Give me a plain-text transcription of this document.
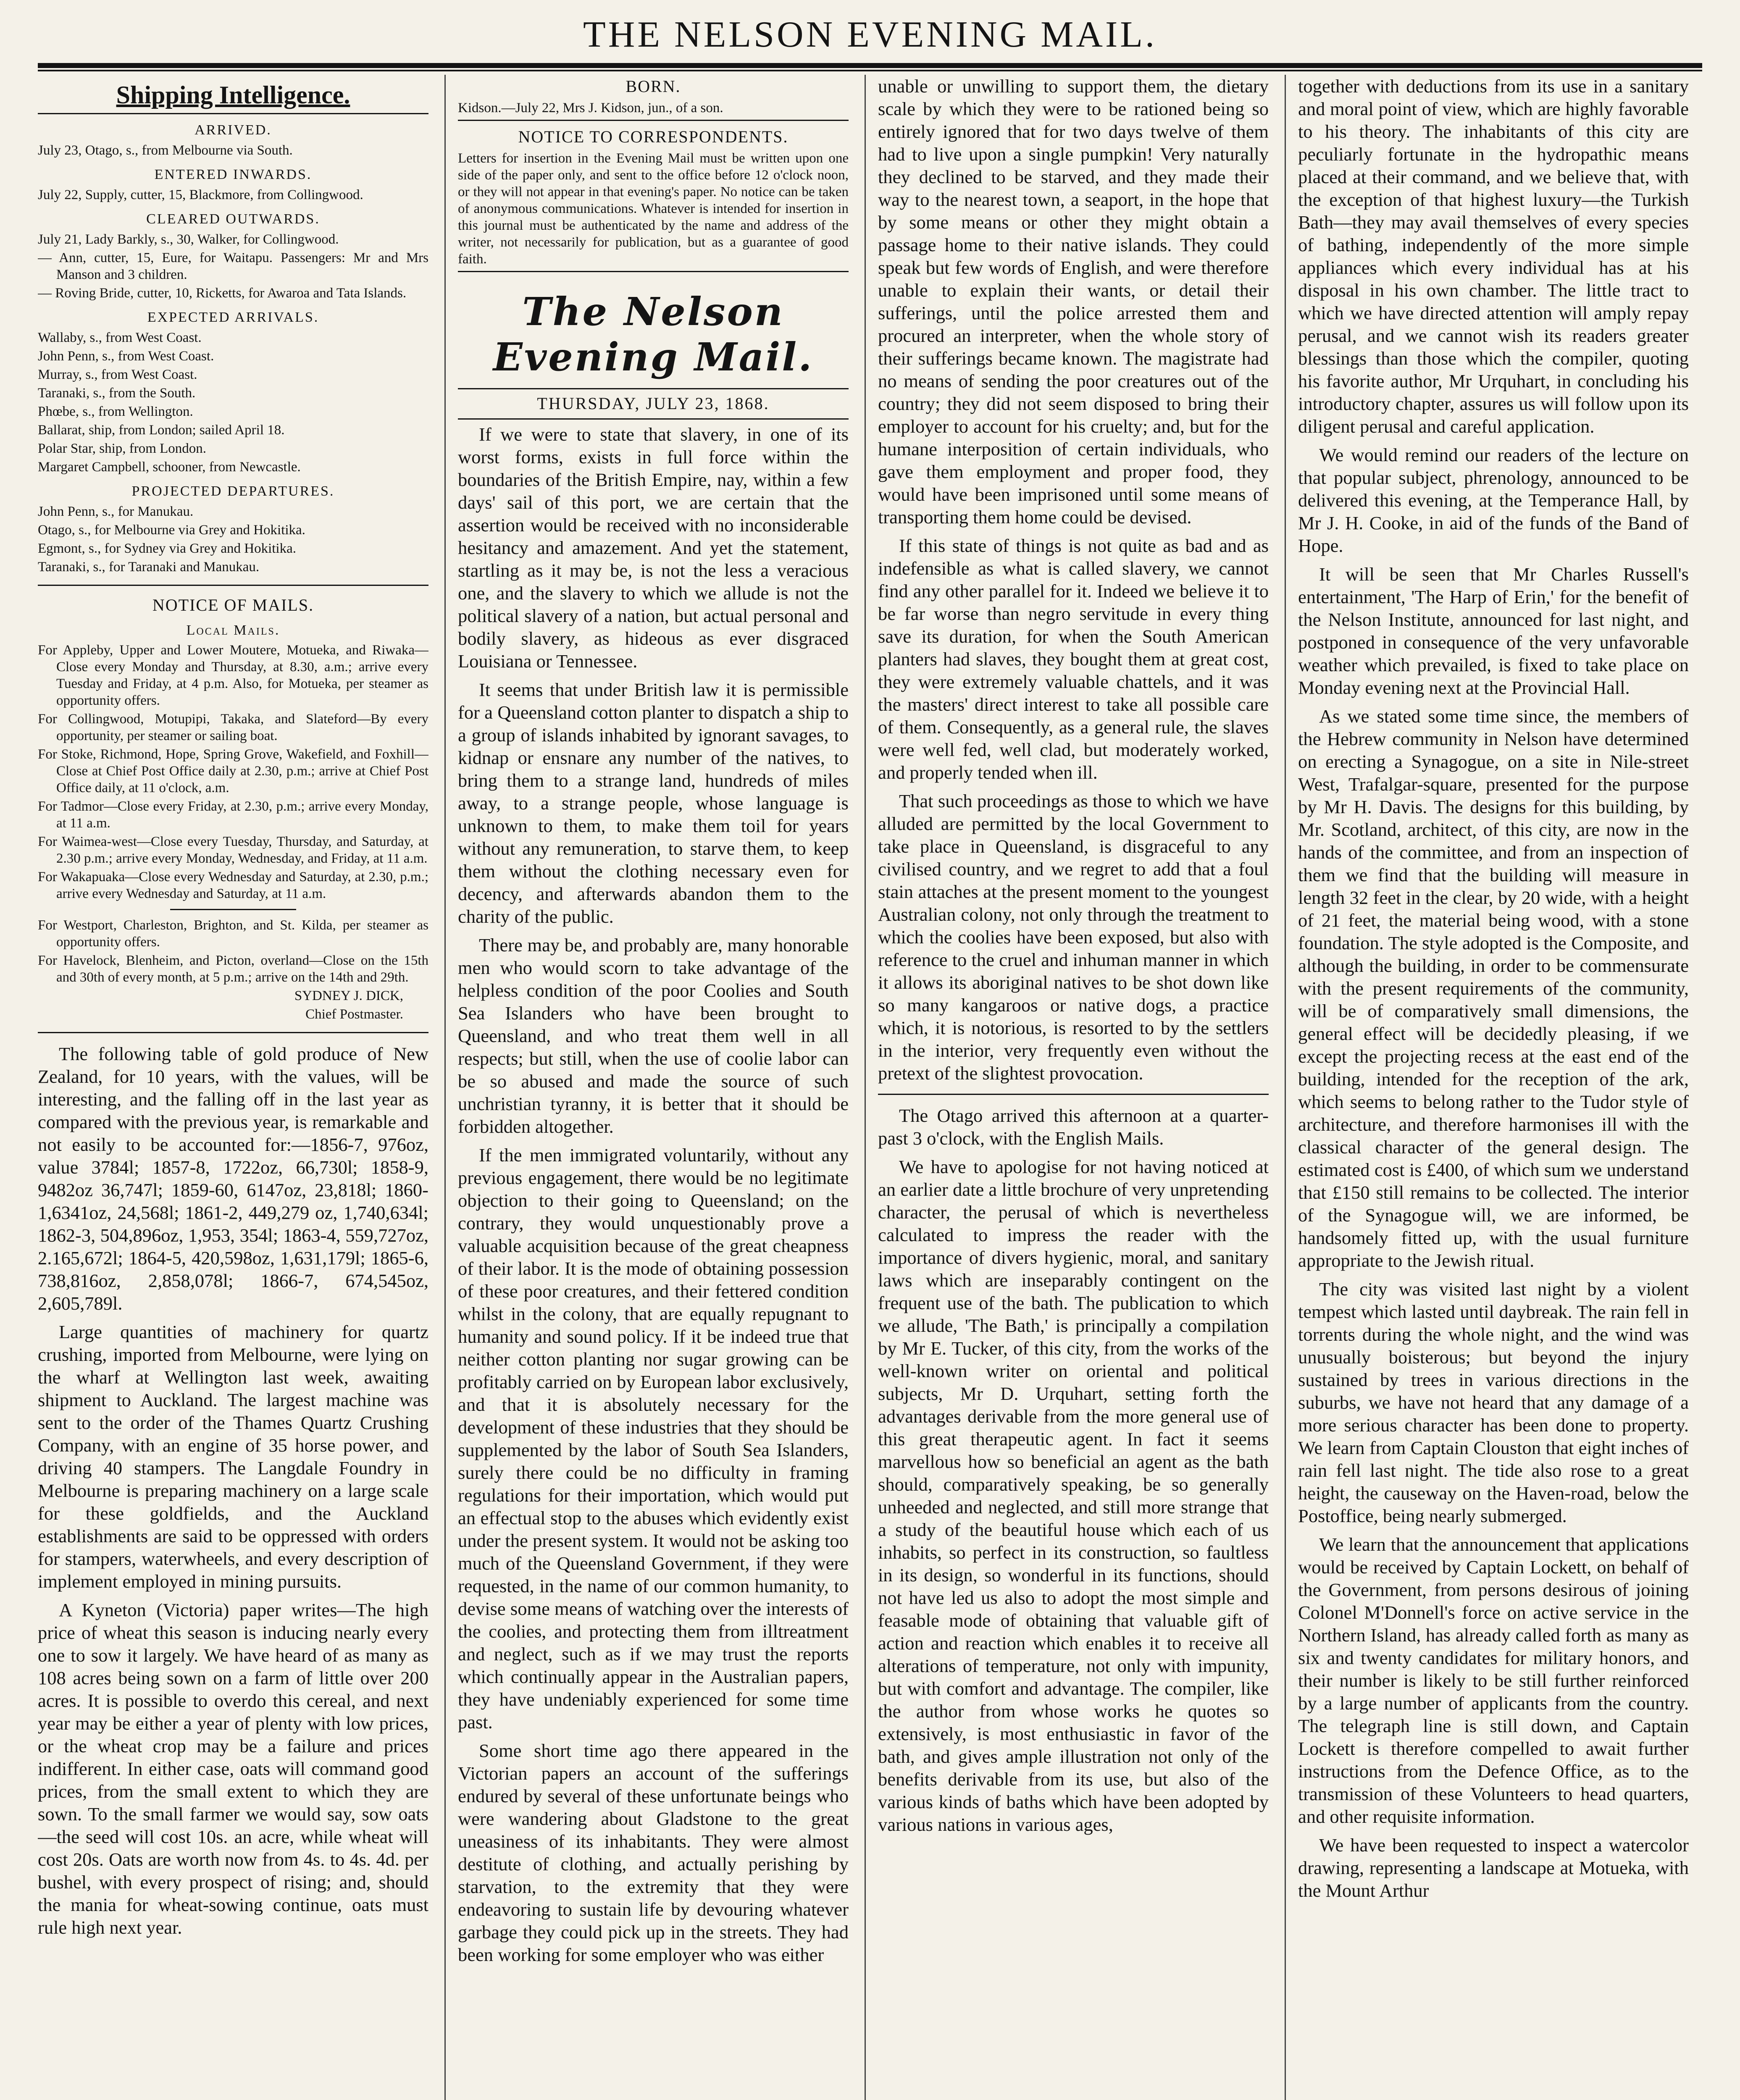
THE NELSON EVENING MAIL.
Shipping Intelligence.
ARRIVED.

July 23, Otago, s., from Melbourne via South.

ENTERED INWARDS.

July 22, Supply, cutter, 15, Blackmore, from Collingwood.

CLEARED OUTWARDS.

July 21, Lady Barkly, s., 30, Walker, for Collingwood.

— Ann, cutter, 15, Eure, for Waitapu. Passengers: Mr and Mrs Manson and 3 children.

— Roving Bride, cutter, 10, Ricketts, for Awaroa and Tata Islands.

EXPECTED ARRIVALS.

Wallaby, s., from West Coast.

John Penn, s., from West Coast.

Murray, s., from West Coast.

Taranaki, s., from the South.

Phœbe, s., from Wellington.

Ballarat, ship, from London; sailed April 18.

Polar Star, ship, from London.

Margaret Campbell, schooner, from Newcastle.

PROJECTED DEPARTURES.

John Penn, s., for Manukau.

Otago, s., for Melbourne via Grey and Hokitika.

Egmont, s., for Sydney via Grey and Hokitika.

Taranaki, s., for Taranaki and Manukau.

NOTICE OF MAILS.
Local Mails.

For Appleby, Upper and Lower Moutere, Motueka, and Riwaka—Close every Monday and Thursday, at 8.30, a.m.; arrive every Tuesday and Friday, at 4 p.m. Also, for Motueka, per steamer as opportunity offers.

For Collingwood, Motupipi, Takaka, and Slateford—By every opportunity, per steamer or sailing boat.

For Stoke, Richmond, Hope, Spring Grove, Wakefield, and Foxhill—Close at Chief Post Office daily at 2.30, p.m.; arrive at Chief Post Office daily, at 11 o'clock, a.m.

For Tadmor—Close every Friday, at 2.30, p.m.; arrive every Monday, at 11 a.m.

For Waimea-west—Close every Tuesday, Thursday, and Saturday, at 2.30 p.m.; arrive every Monday, Wednesday, and Friday, at 11 a.m.

For Wakapuaka—Close every Wednesday and Saturday, at 2.30, p.m.; arrive every Wednesday and Saturday, at 11 a.m.

For Westport, Charleston, Brighton, and St. Kilda, per steamer as opportunity offers.

For Havelock, Blenheim, and Picton, overland—Close on the 15th and 30th of every month, at 5 p.m.; arrive on the 14th and 29th.

SYDNEY J. DICK,

Chief Postmaster.

The following table of gold produce of New Zealand, for 10 years, with the values, will be interesting, and the falling off in the last year as compared with the previous year, is remarkable and not easily to be accounted for:—1856-7, 976oz, value 3784l; 1857-8, 1722oz, 66,730l; 1858-9, 9482oz 36,747l; 1859-60, 6147oz, 23,818l; 1860-1,6341oz, 24,568l; 1861-2, 449,279 oz, 1,740,634l; 1862-3, 504,896oz, 1,953, 354l; 1863-4, 559,727oz, 2.165,672l; 1864-5, 420,598oz, 1,631,179l; 1865-6, 738,816oz, 2,858,078l; 1866-7, 674,545oz, 2,605,789l.

Large quantities of machinery for quartz crushing, imported from Melbourne, were lying on the wharf at Wellington last week, awaiting shipment to Auckland. The largest machine was sent to the order of the Thames Quartz Crushing Company, with an engine of 35 horse power, and driving 40 stampers. The Langdale Foundry in Melbourne is preparing machinery on a large scale for these goldfields, and the Auckland establishments are said to be oppressed with orders for stampers, waterwheels, and every description of implement employed in mining pursuits.

A Kyneton (Victoria) paper writes—The high price of wheat this season is inducing nearly every one to sow it largely. We have heard of as many as 108 acres being sown on a farm of little over 200 acres. It is possible to overdo this cereal, and next year may be either a year of plenty with low prices, or the wheat crop may be a failure and prices indifferent. In either case, oats will command good prices, from the small extent to which they are sown. To the small farmer we would say, sow oats—the seed will cost 10s. an acre, while wheat will cost 20s. Oats are worth now from 4s. to 4s. 4d. per bushel, with every prospect of rising; and, should the mania for wheat-sowing continue, oats must rule high next year.

BORN.

Kidson.—July 22, Mrs J. Kidson, jun., of a son.

NOTICE TO CORRESPONDENTS.

Letters for insertion in the Evening Mail must be written upon one side of the paper only, and sent to the office before 12 o'clock noon, or they will not appear in that evening's paper. No notice can be taken of anonymous communications. Whatever is intended for insertion in this journal must be authenticated by the name and address of the writer, not necessarily for publication, but as a guarantee of good faith.

The Nelson Evening Mail.
THURSDAY, JULY 23, 1868.

If we were to state that slavery, in one of its worst forms, exists in full force within the boundaries of the British Empire, nay, within a few days' sail of this port, we are certain that the assertion would be received with no inconsiderable hesitancy and amazement. And yet the statement, startling as it may be, is not the less a veracious one, and the slavery to which we allude is not the political slavery of a nation, but actual personal and bodily slavery, as hideous as ever disgraced Louisiana or Tennessee.

It seems that under British law it is permissible for a Queensland cotton planter to dispatch a ship to a group of islands inhabited by ignorant savages, to kidnap or ensnare any number of the natives, to bring them to a strange land, hundreds of miles away, to a strange people, whose language is unknown to them, to make them toil for years without any remuneration, to starve them, to keep them without the clothing necessary even for decency, and afterwards abandon them to the charity of the public.

There may be, and probably are, many honorable men who would scorn to take advantage of the helpless condition of the poor Coolies and South Sea Islanders who have been brought to Queensland, and who treat them well in all respects; but still, when the use of coolie labor can be so abused and made the source of such unchristian tyranny, it is better that it should be forbidden altogether.

If the men immigrated voluntarily, without any previous engagement, there would be no legitimate objection to their going to Queensland; on the contrary, they would unquestionably prove a valuable acquisition because of the great cheapness of their labor. It is the mode of obtaining possession of these poor creatures, and their fettered condition whilst in the colony, that are equally repugnant to humanity and sound policy. If it be indeed true that neither cotton planting nor sugar growing can be profitably carried on by European labor exclusively, and that it is absolutely necessary for the development of these industries that they should be supplemented by the labor of South Sea Islanders, surely there could be no difficulty in framing regulations for their importation, which would put an effectual stop to the abuses which evidently exist under the present system. It would not be asking too much of the Queensland Government, if they were requested, in the name of our common humanity, to devise some means of watching over the interests of the coolies, and protecting them from illtreatment and neglect, such as if we may trust the reports which continually appear in the Australian papers, they have undeniably experienced for some time past.

Some short time ago there appeared in the Victorian papers an account of the sufferings endured by several of these unfortunate beings who were wandering about Gladstone to the great uneasiness of its inhabitants. They were almost destitute of clothing, and actually perishing by starvation, to the extremity that they were endeavoring to sustain life by devouring whatever garbage they could pick up in the streets. They had been working for some employer who was either

unable or unwilling to support them, the dietary scale by which they were to be rationed being so entirely ignored that for two days twelve of them had to live upon a single pumpkin! Very naturally they declined to be starved, and they made their way to the nearest town, a seaport, in the hope that by some means or other they might obtain a passage home to their native islands. They could speak but few words of English, and were therefore unable to explain their wants, or detail their sufferings, until the police arrested them and procured an interpreter, when the whole story of their sufferings became known. The magistrate had no means of sending the poor creatures out of the country; they did not seem disposed to bring their employer to account for his cruelty; and, but for the humane interposition of certain individuals, who gave them employment and proper food, they would have been imprisoned until some means of transporting them home could be devised.

If this state of things is not quite as bad and as indefensible as what is called slavery, we cannot find any other parallel for it. Indeed we believe it to be far worse than negro servitude in every thing save its duration, for when the South American planters had slaves, they bought them at great cost, they were extremely valuable chattels, and it was the masters' direct interest to take all possible care of them. Consequently, as a general rule, the slaves were well fed, well clad, but moderately worked, and properly tended when ill.

That such proceedings as those to which we have alluded are permitted by the local Government to take place in Queensland, is disgraceful to any civilised country, and we regret to add that a foul stain attaches at the present moment to the youngest Australian colony, not only through the treatment to which the coolies have been exposed, but also with reference to the cruel and inhuman manner in which it allows its aboriginal natives to be shot down like so many kangaroos or native dogs, a practice which, it is notorious, is resorted to by the settlers in the interior, very frequently even without the pretext of the slightest provocation.

The Otago arrived this afternoon at a quarter-past 3 o'clock, with the English Mails.

We have to apologise for not having noticed at an earlier date a little brochure of very unpretending character, the perusal of which is nevertheless calculated to impress the reader with the importance of divers hygienic, moral, and sanitary laws which are inseparably contingent on the frequent use of the bath. The publication to which we allude, 'The Bath,' is principally a compilation by Mr E. Tucker, of this city, from the works of the well-known writer on oriental and political subjects, Mr D. Urquhart, setting forth the advantages derivable from the more general use of this great therapeutic agent. In fact it seems marvellous how so beneficial an agent as the bath should, comparatively speaking, be so generally unheeded and neglected, and still more strange that a study of the beautiful house which each of us inhabits, so perfect in its construction, so faultless in its design, so wonderful in its functions, should not have led us also to adopt the most simple and feasable mode of obtaining that valuable gift of action and reaction which enables it to receive all alterations of temperature, not only with impunity, but with comfort and advantage. The compiler, like the author from whose works he quotes so extensively, is most enthusiastic in favor of the bath, and gives ample illustration not only of the benefits derivable from its use, but also of the various kinds of baths which have been adopted by various nations in various ages,

together with deductions from its use in a sanitary and moral point of view, which are highly favorable to his theory. The inhabitants of this city are peculiarly fortunate in the hydropathic means placed at their command, and we believe that, with the exception of that highest luxury—the Turkish Bath—they may avail themselves of every species of bathing, independently of the more simple appliances which every individual has at his disposal in his own chamber. The little tract to which we have directed attention will amply repay perusal, and we cannot wish its readers greater blessings than those which the compiler, quoting his favorite author, Mr Urquhart, in concluding his introductory chapter, assures us will follow upon its diligent perusal and careful application.

We would remind our readers of the lecture on that popular subject, phrenology, announced to be delivered this evening, at the Temperance Hall, by Mr J. H. Cooke, in aid of the funds of the Band of Hope.

It will be seen that Mr Charles Russell's entertainment, 'The Harp of Erin,' for the benefit of the Nelson Institute, announced for last night, and postponed in consequence of the very unfavorable weather which prevailed, is fixed to take place on Monday evening next at the Provincial Hall.

As we stated some time since, the members of the Hebrew community in Nelson have determined on erecting a Synagogue, on a site in Nile-street West, Trafalgar-square, presented for the purpose by Mr H. Davis. The designs for this building, by Mr. Scotland, architect, of this city, are now in the hands of the committee, and from an inspection of them we find that the building will measure in length 32 feet in the clear, by 20 wide, with a height of 21 feet, the material being wood, with a stone foundation. The style adopted is the Composite, and although the building, in order to be commensurate with the present requirements of the community, will be of comparatively small dimensions, the general effect will be decidedly pleasing, if we except the projecting recess at the east end of the building, intended for the reception of the ark, which seems to belong rather to the Tudor style of architecture, and therefore harmonises ill with the classical character of the general design. The estimated cost is £400, of which sum we understand that £150 still remains to be collected. The interior of the Synagogue will, we are informed, be handsomely fitted up, with the usual furniture appropriate to the Jewish ritual.

The city was visited last night by a violent tempest which lasted until daybreak. The rain fell in torrents during the whole night, and the wind was unusually boisterous; but beyond the injury sustained by trees in various directions in the suburbs, we have not heard that any damage of a more serious character has been done to property. We learn from Captain Clouston that eight inches of rain fell last night. The tide also rose to a great height, the causeway on the Haven-road, below the Postoffice, being nearly submerged.

We learn that the announcement that applications would be received by Captain Lockett, on behalf of the Government, from persons desirous of joining Colonel M'Donnell's force on active service in the Northern Island, has already called forth as many as six and twenty candidates for military honors, and their number is likely to be still further reinforced by a large number of applicants from the country. The telegraph line is still down, and Captain Lockett is therefore compelled to await further instructions from the Defence Office, as to the transmission of these Volunteers to head quarters, and other requisite information.

We have been requested to inspect a watercolor drawing, representing a landscape at Motueka, with the Mount Arthur
